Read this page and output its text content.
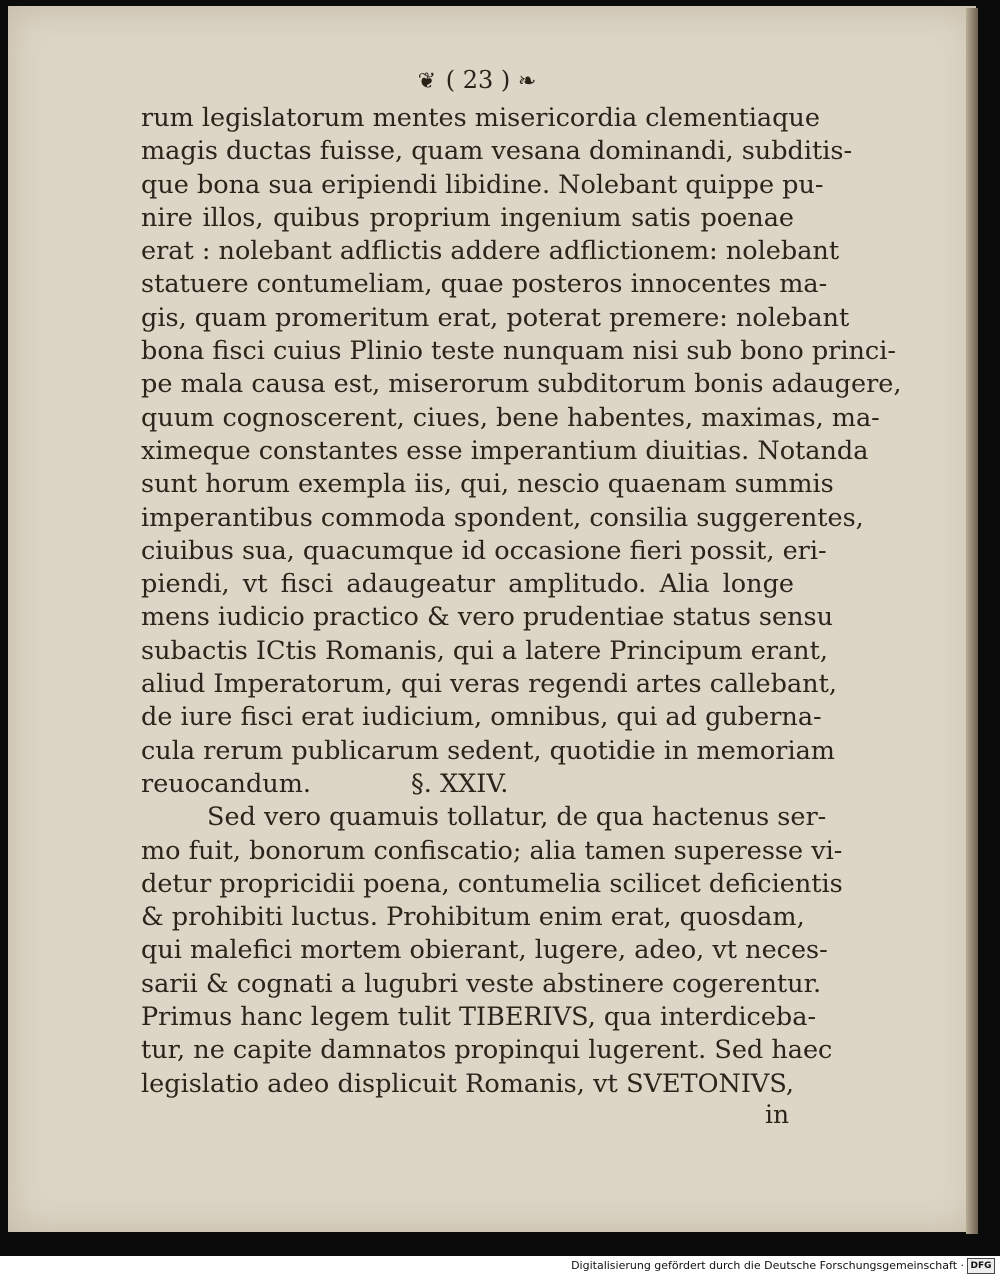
❦ ( 23 ) ❧
rum legislatorum mentes misericordia clementiaque
magis ductas fuisse, quam vesana dominandi, subditis-
que bona sua eripiendi libidine. Nolebant quippe pu-
nire illos, quibus proprium ingenium satis poenae
erat : nolebant adflictis addere adflictionem: nolebant
statuere contumeliam, quae posteros innocentes ma-
gis, quam promeritum erat, poterat premere: nolebant
bona fisci cuius Plinio teste nunquam nisi sub bono princi-
pe mala causa est, miserorum subditorum bonis adaugere,
quum cognoscerent, ciues, bene habentes, maximas, ma-
ximeque constantes esse imperantium diuitias. Notanda
sunt horum exempla iis, qui, nescio quaenam summis
imperantibus commoda spondent, consilia suggerentes,
ciuibus sua, quacumque id occasione fieri possit, eri-
piendi, vt fisci adaugeatur amplitudo. Alia longe
mens iudicio practico & vero prudentiae status sensu
subactis ICtis Romanis, qui a latere Principum erant,
aliud Imperatorum, qui veras regendi artes callebant,
de iure fisci erat iudicium, omnibus, qui ad guberna-
cula rerum publicarum sedent, quotidie in memoriam
reuocandum.	§. XXIV.
Sed vero quamuis tollatur, de qua hactenus ser-
mo fuit, bonorum confiscatio; alia tamen superesse vi-
detur propricidii poena, contumelia scilicet deficientis
& prohibiti luctus. Prohibitum enim erat, quosdam,
qui malefici mortem obierant, lugere, adeo, vt neces-
sarii & cognati a lugubri veste abstinere cogerentur.
Primus hanc legem tulit TIBERIVS, qua interdiceba-
tur, ne capite damnatos propinqui lugerent. Sed haec
legislatio adeo displicuit Romanis, vt SVETONIVS,
in
Digitalisierung gefördert durch die Deutsche Forschungsgemeinschaft · DFG
